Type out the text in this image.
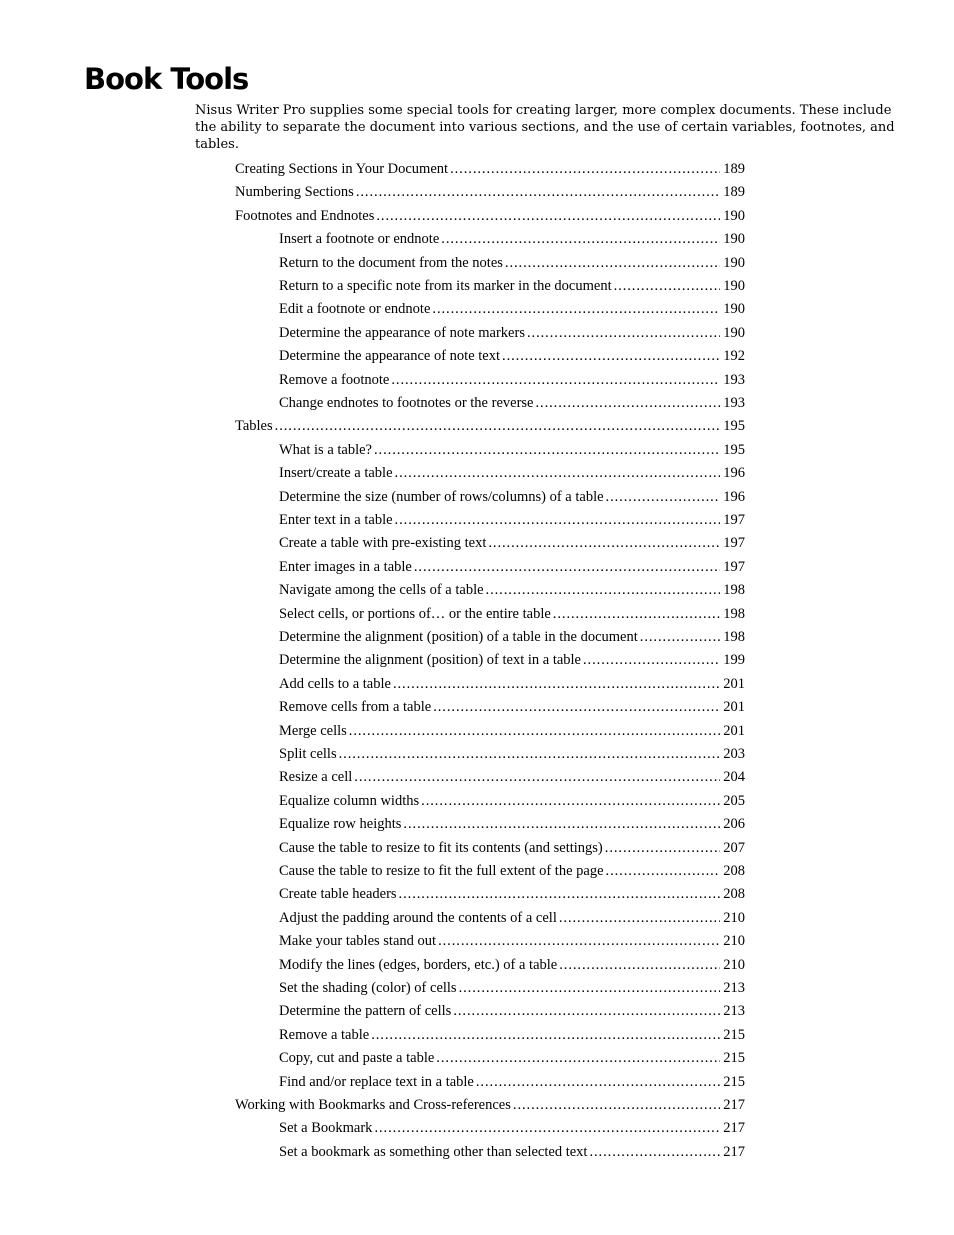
Book Tools

Nisus Writer Pro supplies some special tools for creating larger, more complex documents. These include the ability to separate the document into various sections, and the use of certain variables, footnotes, and tables.

Creating Sections in Your Document . . .	189
Numbering Sections . . .	189
Footnotes and Endnotes . . .	190
Insert a footnote or endnote . . .	190
Return to the document from the notes . . .	190
Return to a specific note from its marker in the document . . .	190
Edit a footnote or endnote . . .	190
Determine the appearance of note markers . . .	190
Determine the appearance of note text . . .	192
Remove a footnote . . .	193
Change endnotes to footnotes or the reverse . . .	193
Tables . . .	195
What is a table? . . .	195
Insert/create a table . . .	196
Determine the size (number of rows/columns) of a table . . .	196
Enter text in a table . . .	197
Create a table with pre-existing text . . .	197
Enter images in a table . . .	197
Navigate among the cells of a table . . .	198
Select cells, or portions of… or the entire table . . .	198
Determine the alignment (position) of a table in the document . . .	198
Determine the alignment (position) of text in a table . . .	199
Add cells to a table . . .	201
Remove cells from a table . . .	201
Merge cells . . .	201
Split cells . . .	203
Resize a cell . . .	204
Equalize column widths . . .	205
Equalize row heights . . .	206
Cause the table to resize to fit its contents (and settings) . . .	207
Cause the table to resize to fit the full extent of the page . . .	208
Create table headers . . .	208
Adjust the padding around the contents of a cell . . .	210
Make your tables stand out . . .	210
Modify the lines (edges, borders, etc.) of a table . . .	210
Set the shading (color) of cells . . .	213
Determine the pattern of cells . . .	213
Remove a table . . .	215
Copy, cut and paste a table . . .	215
Find and/or replace text in a table . . .	215
Working with Bookmarks and Cross-references . . .	217
Set a Bookmark . . .	217
Set a bookmark as something other than selected text . . .	217
